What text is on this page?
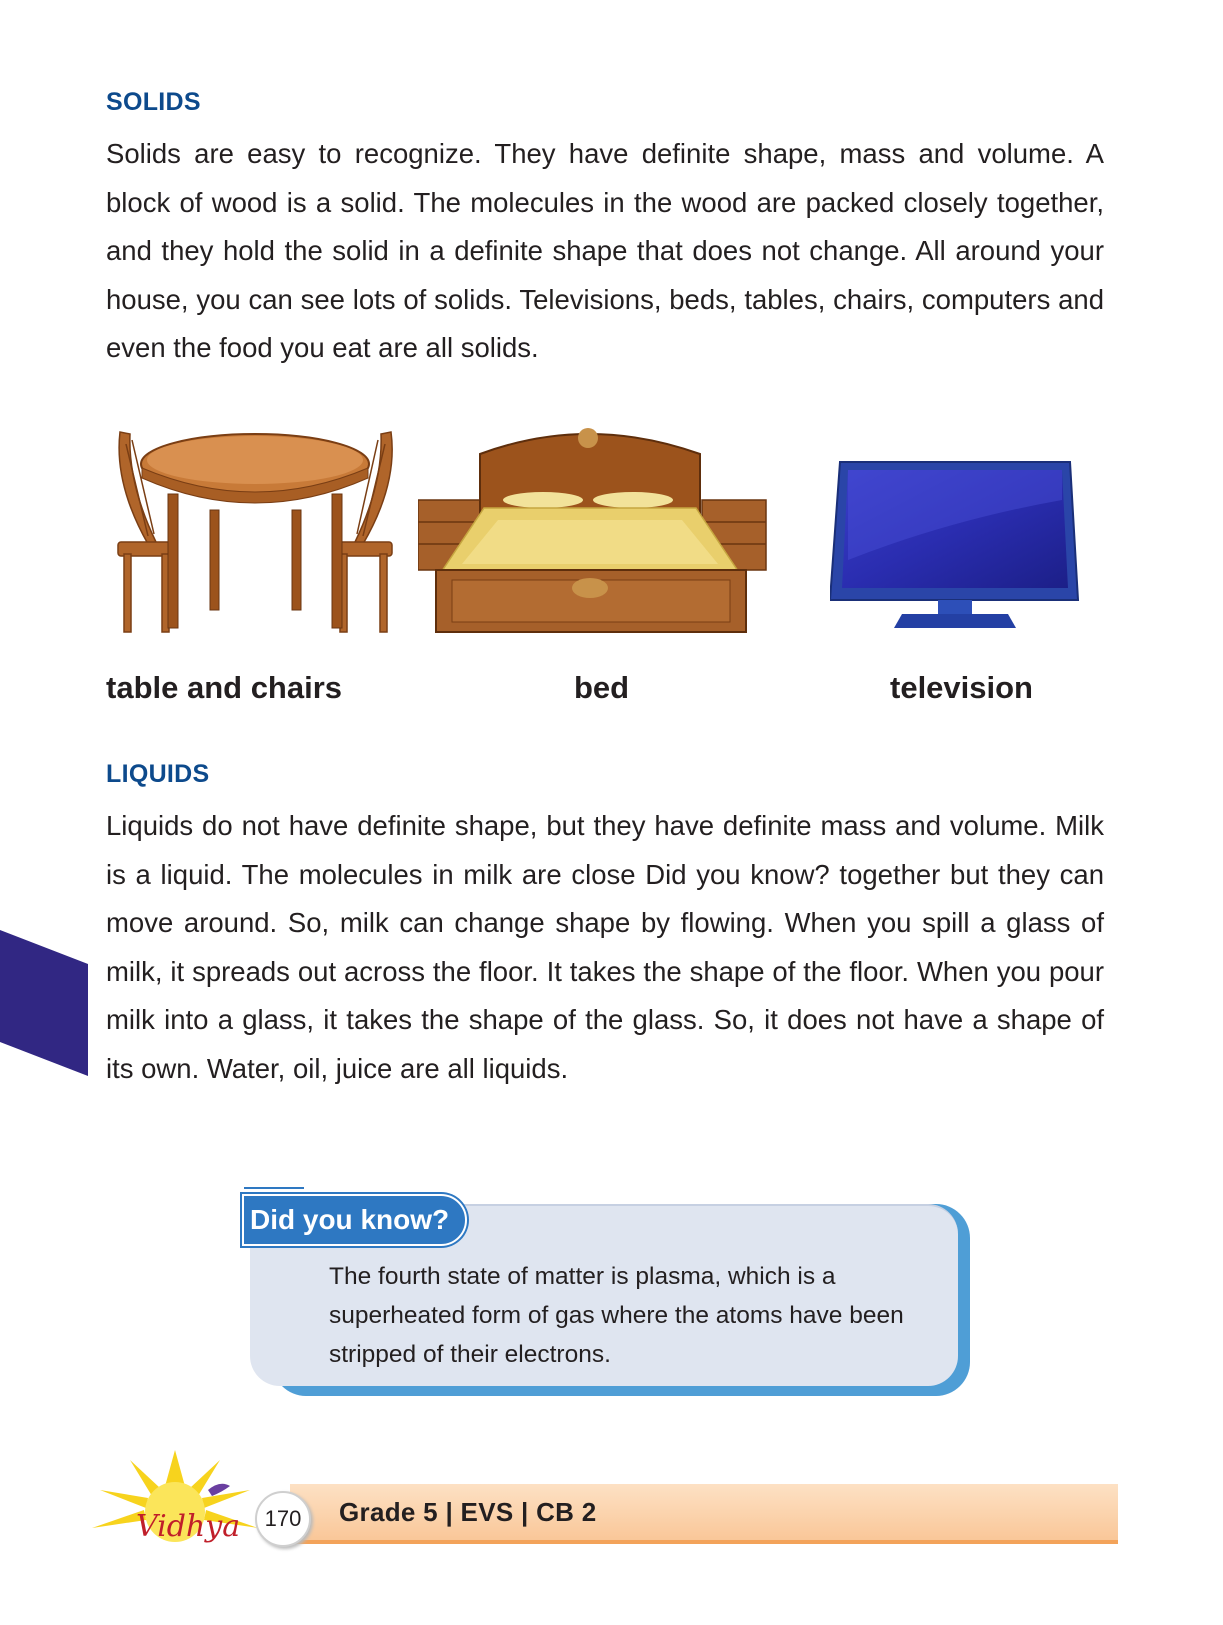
SOLIDS
Solids are easy to recognize. They have definite shape, mass and volume. A block of wood is a solid. The molecules in the wood are packed closely together, and they hold the solid in a definite shape that does not change. All around your house, you can see lots of solids. Televisions, beds, tables, chairs, computers and even the food you eat are all solids.
table and chairs	bed	television
LIQUIDS
Liquids do not have definite shape, but they have definite mass and volume. Milk is a liquid. The molecules in milk are close Did you know? together but they can move around. So, milk can change shape by flowing. When you spill a glass of milk, it spreads out across the floor. It takes the shape of the floor. When you pour milk into a glass, it takes the shape of the glass. So, it does not have a shape of its own. Water, oil, juice are all liquids.
Did you know?
The fourth state of matter is plasma, which is a superheated form of gas where the atoms have been stripped of their electrons.
Vidhya	170	Grade 5 | EVS | CB 2
